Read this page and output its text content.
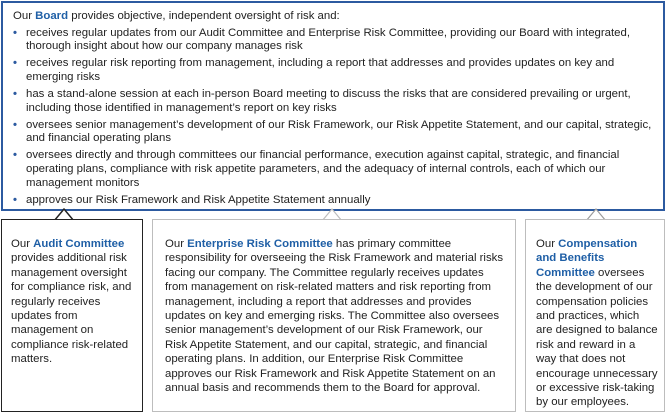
Our Board provides objective, independent oversight of risk and:

• receives regular updates from our Audit Committee and Enterprise Risk Committee, providing our Board with integrated, thorough insight about how our company manages risk
• receives regular risk reporting from management, including a report that addresses and provides updates on key and emerging risks
• has a stand-alone session at each in-person Board meeting to discuss the risks that are considered prevailing or urgent, including those identified in management’s report on key risks
• oversees senior management’s development of our Risk Framework, our Risk Appetite Statement, and our capital, strategic, and financial operating plans
• oversees directly and through committees our financial performance, execution against capital, strategic, and financial operating plans, compliance with risk appetite parameters, and the adequacy of internal controls, each of which our management monitors
• approves our Risk Framework and Risk Appetite Statement annually

Our Audit Committee provides additional risk management oversight for compliance risk, and regularly receives updates from management on compliance risk-related matters.

Our Enterprise Risk Committee has primary committee responsibility for overseeing the Risk Framework and material risks facing our company. The Committee regularly receives updates from management on risk-related matters and risk reporting from management, including a report that addresses and provides updates on key and emerging risks. The Committee also oversees senior management’s development of our Risk Framework, our Risk Appetite Statement, and our capital, strategic, and financial operating plans. In addition, our Enterprise Risk Committee approves our Risk Framework and Risk Appetite Statement on an annual basis and recommends them to the Board for approval.

Our Compensation and Benefits Committee oversees the development of our compensation policies and practices, which are designed to balance risk and reward in a way that does not encourage unnecessary or excessive risk-taking by our employees.
